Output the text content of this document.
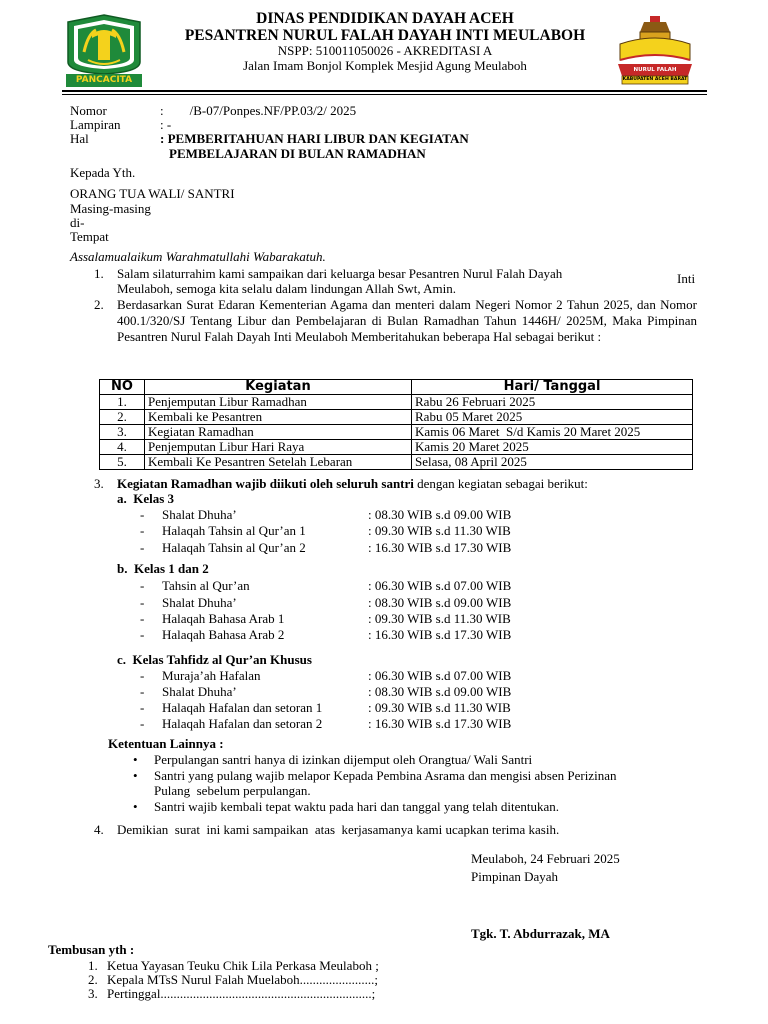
PANCACITA
DINAS PENDIDIKAN DAYAH ACEH
PESANTREN NURUL FALAH DAYAH INTI MEULABOH
NSPP: 510011050026 - AKREDITASI A
Jalan Imam Bonjol Komplek Mesjid Agung Meulaboh	NURUL FALAH
KABUPATEN ACEH BARAT
Nomor	:        /B-07/Ponpes.NF/PP.03/2/ 2025
Lampiran	: -
Hal	: PEMBERITAHUAN HARI LIBUR DAN KEGIATAN
PEMBELAJARAN DI BULAN RAMADHAN
Kepada Yth.
ORANG TUA WALI/ SANTRI
Masing-masing
di-
Tempat
Assalamualaikum Warahmatullahi Wabarakatuh.
1. Salam silaturrahim kami sampaikan dari keluarga besar Pesantren Nurul Falah Dayah	Inti
Meulaboh, semoga kita selalu dalam lindungan Allah Swt, Amin.
2. Berdasarkan Surat Edaran Kementerian Agama dan menteri dalam Negeri Nomor 2 Tahun 2025, dan Nomor 400.1/320/SJ Tentang Libur dan Pembelajaran di Bulan Ramadhan Tahun 1446H/ 2025M, Maka Pimpinan Pesantren Nurul Falah Dayah Inti Meulaboh Memberitahukan beberapa Hal sebagai berikut :
NO	Kegiatan	Hari/ Tanggal
1.	Penjemputan Libur Ramadhan	Rabu 26 Februari 2025
2.	Kembali ke Pesantren	Rabu 05 Maret 2025
3.	Kegiatan Ramadhan	Kamis 06 Maret  S/d Kamis 20 Maret 2025
4.	Penjemputan Libur Hari Raya	Kamis 20 Maret 2025
5.	Kembali Ke Pesantren Setelah Lebaran	Selasa, 08 April 2025
3. Kegiatan Ramadhan wajib diikuti oleh seluruh santri dengan kegiatan sebagai berikut:
a.  Kelas 3
- Shalat Dhuha’	: 08.30 WIB s.d 09.00 WIB
- Halaqah Tahsin al Qur’an 1	: 09.30 WIB s.d 11.30 WIB
- Halaqah Tahsin al Qur’an 2	: 16.30 WIB s.d 17.30 WIB
b.  Kelas 1 dan 2
- Tahsin al Qur’an	: 06.30 WIB s.d 07.00 WIB
- Shalat Dhuha’	: 08.30 WIB s.d 09.00 WIB
- Halaqah Bahasa Arab 1	: 09.30 WIB s.d 11.30 WIB
- Halaqah Bahasa Arab 2	: 16.30 WIB s.d 17.30 WIB
c.  Kelas Tahfidz al Qur’an Khusus
- Muraja’ah Hafalan	: 06.30 WIB s.d 07.00 WIB
- Shalat Dhuha’	: 08.30 WIB s.d 09.00 WIB
- Halaqah Hafalan dan setoran 1	: 09.30 WIB s.d 11.30 WIB
- Halaqah Hafalan dan setoran 2	: 16.30 WIB s.d 17.30 WIB
Ketentuan Lainnya :
• Perpulangan santri hanya di izinkan dijemput oleh Orangtua/ Wali Santri
• Santri yang pulang wajib melapor Kepada Pembina Asrama dan mengisi absen Perizinan
Pulang  sebelum perpulangan.
• Santri wajib kembali tepat waktu pada hari dan tanggal yang telah ditentukan.
4. Demikian  surat  ini kami sampaikan  atas  kerjasamanya kami ucapkan terima kasih.
Meulaboh, 24 Februari 2025
Pimpinan Dayah
Tgk. T. Abdurrazak, MA
Tembusan yth :
1. Ketua Yayasan Teuku Chik Lila Perkasa Meulaboh ;
2. Kepala MTsS Nurul Falah Muelaboh.......................;
3. Pertinggal.................................................................;
